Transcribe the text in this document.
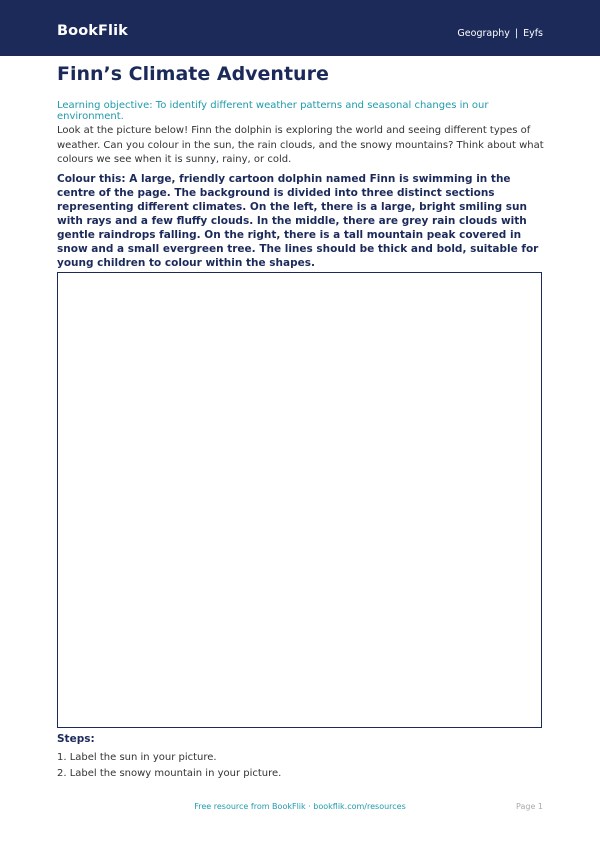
BookFlik	Geography | Eyfs
Finn’s Climate Adventure
Learning objective: To identify different weather patterns and seasonal changes in our environment.
Look at the picture below! Finn the dolphin is exploring the world and seeing different types of weather. Can you colour in the sun, the rain clouds, and the snowy mountains? Think about what colours we see when it is sunny, rainy, or cold.
Colour this: A large, friendly cartoon dolphin named Finn is swimming in the centre of the page. The background is divided into three distinct sections representing different climates. On the left, there is a large, bright smiling sun with rays and a few fluffy clouds. In the middle, there are grey rain clouds with gentle raindrops falling. On the right, there is a tall mountain peak covered in snow and a small evergreen tree. The lines should be thick and bold, suitable for young children to colour within the shapes.
Steps:
1. Label the sun in your picture.
2. Label the snowy mountain in your picture.
Free resource from BookFlik · bookflik.com/resources	Page 1
